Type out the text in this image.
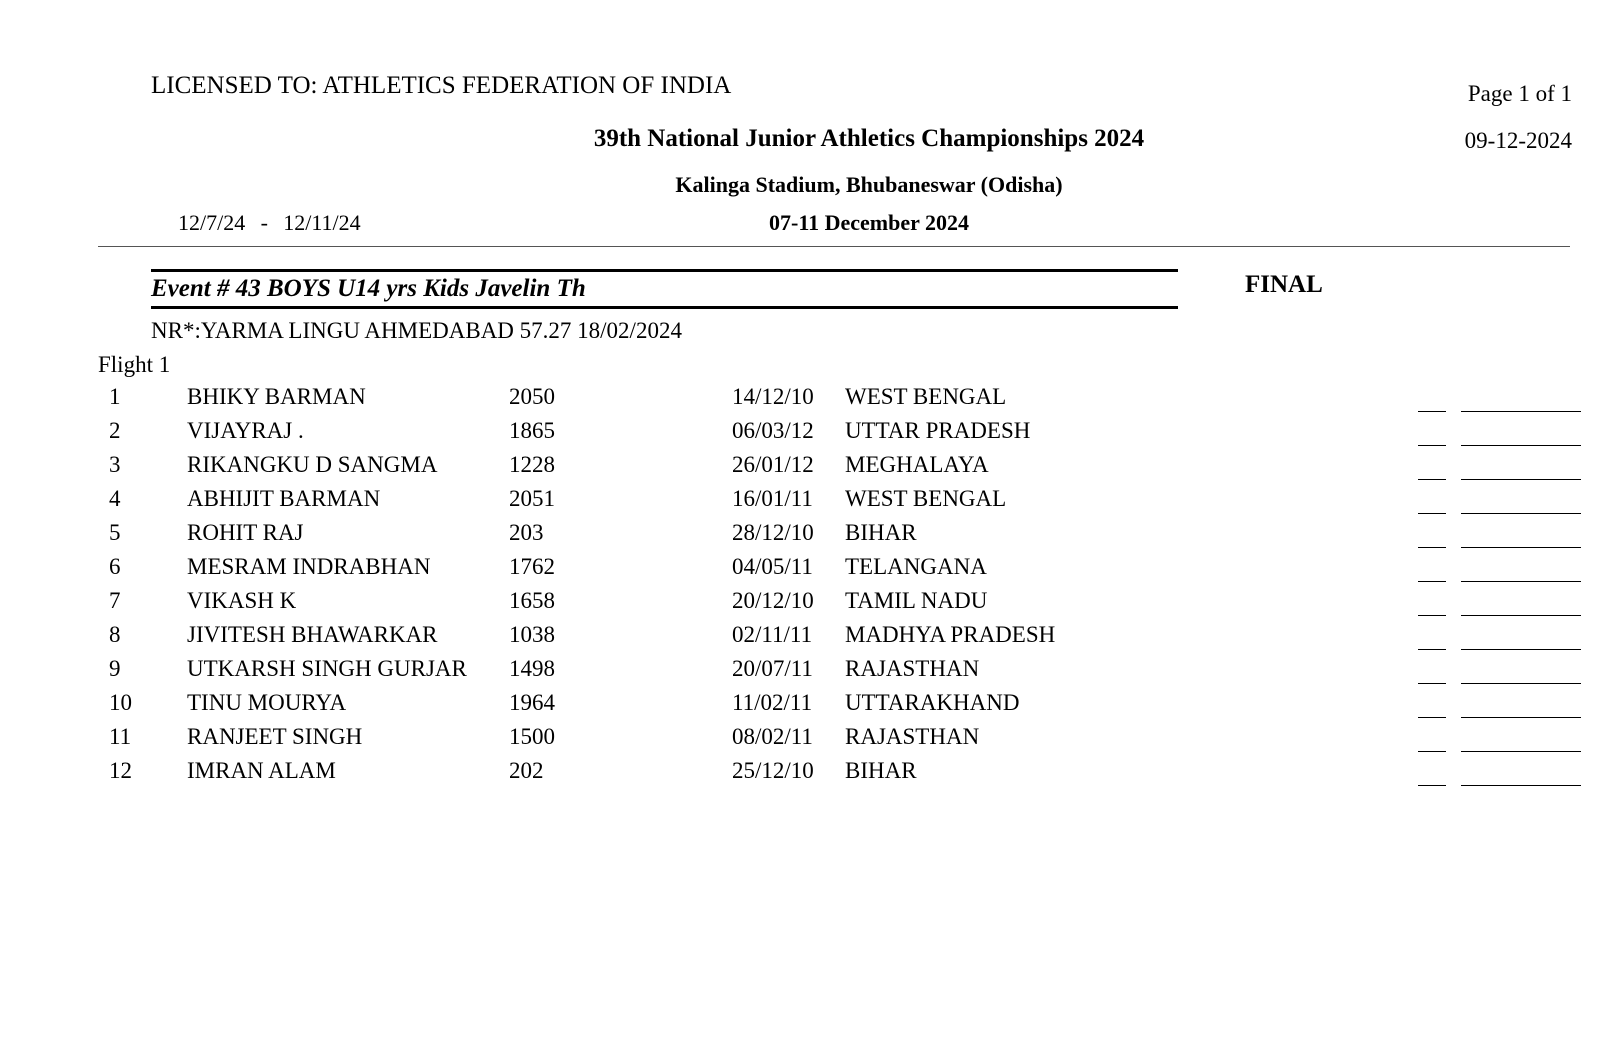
LICENSED TO: ATHLETICS FEDERATION OF INDIA	Page 1 of 1
39th National Junior Athletics Championships 2024	09-12-2024
Kalinga Stadium, Bhubaneswar (Odisha)
12/7/24 - 12/11/24	07-11 December 2024
Event # 43 BOYS U14 yrs Kids Javelin Th	FINAL
NR*:YARMA LINGU AHMEDABAD 57.27 18/02/2024
Flight 1
1	BHIKY BARMAN	2050	14/12/10 WEST BENGAL
2	VIJAYRAJ .	1865	06/03/12 UTTAR PRADESH
3	RIKANGKU D SANGMA	1228	26/01/12 MEGHALAYA
4	ABHIJIT BARMAN	2051	16/01/11 WEST BENGAL
5	ROHIT RAJ	203	28/12/10 BIHAR
6	MESRAM INDRABHAN	1762	04/05/11 TELANGANA
7	VIKASH K	1658	20/12/10 TAMIL NADU
8	JIVITESH BHAWARKAR	1038	02/11/11 MADHYA PRADESH
9	UTKARSH SINGH GURJAR 1498	20/07/11 RAJASTHAN
10 TINU MOURYA	1964	11/02/11 UTTARAKHAND
11 RANJEET SINGH	1500	08/02/11 RAJASTHAN
12 IMRAN ALAM	202	25/12/10 BIHAR
